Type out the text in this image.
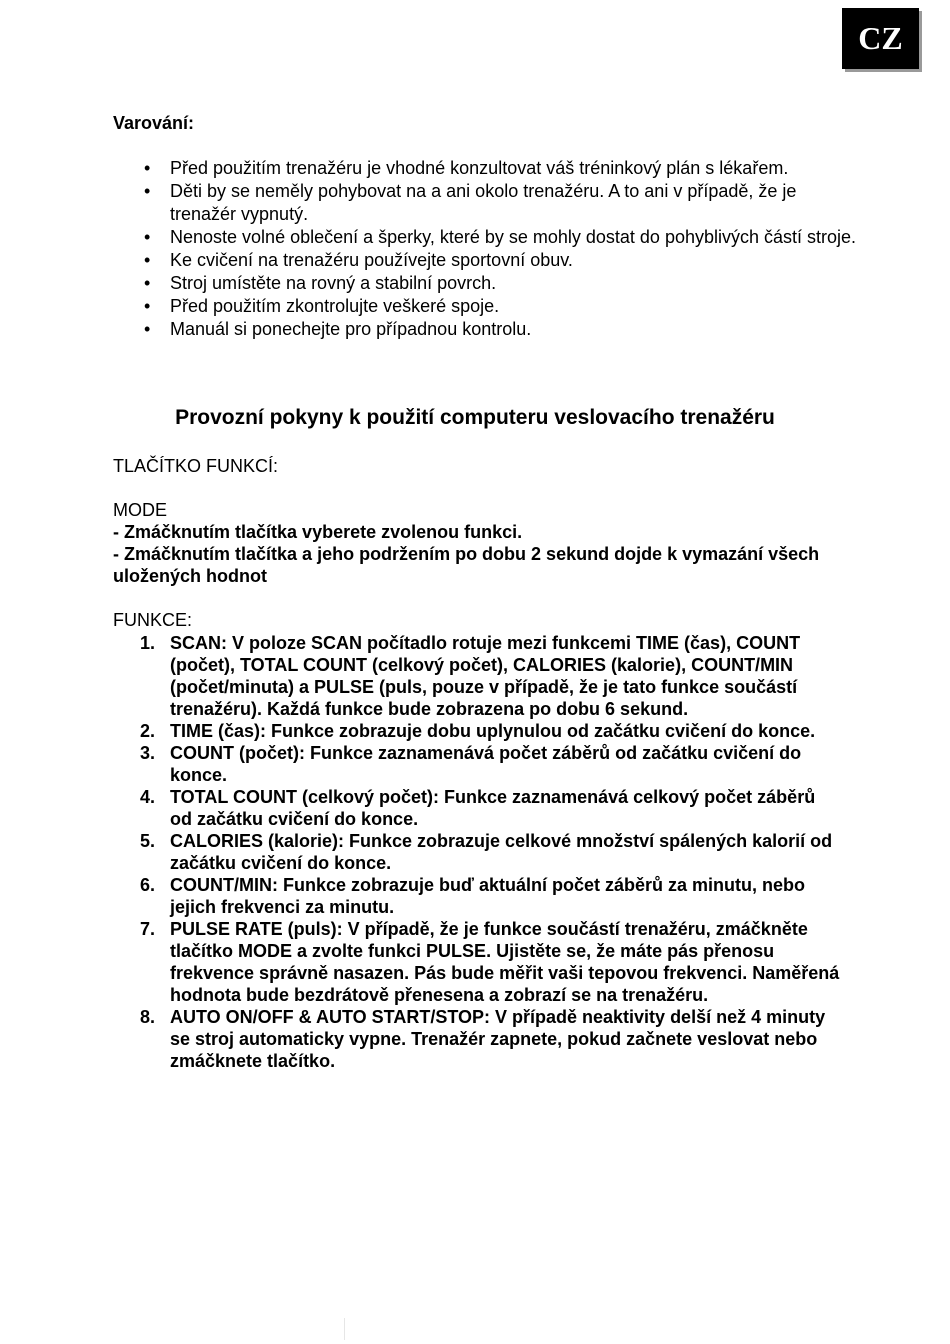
CZ
Varování:
• Před použitím trenažéru je vhodné konzultovat váš tréninkový plán s lékařem.
• Děti by se neměly pohybovat na a ani okolo trenažéru. A to ani v případě, že je trenažér vypnutý.
• Nenoste volné oblečení a šperky, které by se mohly dostat do pohyblivých částí stroje.
• Ke cvičení na trenažéru používejte sportovní obuv.
• Stroj umístěte na rovný a stabilní povrch.
• Před použitím zkontrolujte veškeré spoje.
• Manuál si ponechejte pro případnou kontrolu.
Provozní pokyny k použití computeru veslovacího trenažéru
TLAČÍTKO FUNKCÍ:
MODE

- Zmáčknutím tlačítka vyberete zvolenou funkci.

- Zmáčknutím tlačítka a jeho podržením po dobu 2 sekund dojde k vymazání všech uložených hodnot

FUNKCE:
1. SCAN: V poloze SCAN počítadlo rotuje mezi funkcemi TIME (čas), COUNT (počet), TOTAL COUNT (celkový počet), CALORIES (kalorie), COUNT/MIN (počet/minuta) a PULSE (puls, pouze v případě, že je tato funkce součástí trenažéru). Každá funkce bude zobrazena po dobu 6 sekund.
2. TIME (čas): Funkce zobrazuje dobu uplynulou od začátku cvičení do konce.
3. COUNT (počet): Funkce zaznamenává počet záběrů od začátku cvičení do konce.
4. TOTAL COUNT (celkový počet): Funkce zaznamenává celkový počet záběrů od začátku cvičení do konce.
5. CALORIES (kalorie): Funkce zobrazuje celkové množství spálených kalorií od začátku cvičení do konce.
6. COUNT/MIN: Funkce zobrazuje buď aktuální počet záběrů za minutu, nebo jejich frekvenci za minutu.
7. PULSE RATE (puls): V případě, že je funkce součástí trenažéru, zmáčkněte tlačítko MODE a zvolte funkci PULSE. Ujistěte se, že máte pás přenosu frekvence správně nasazen. Pás bude měřit vaši tepovou frekvenci. Naměřená hodnota bude bezdrátově přenesena a zobrazí se na trenažéru.
8. AUTO ON/OFF & AUTO START/STOP: V případě neaktivity delší než 4 minuty se stroj automaticky vypne. Trenažér zapnete, pokud začnete veslovat nebo zmáčknete tlačítko.
